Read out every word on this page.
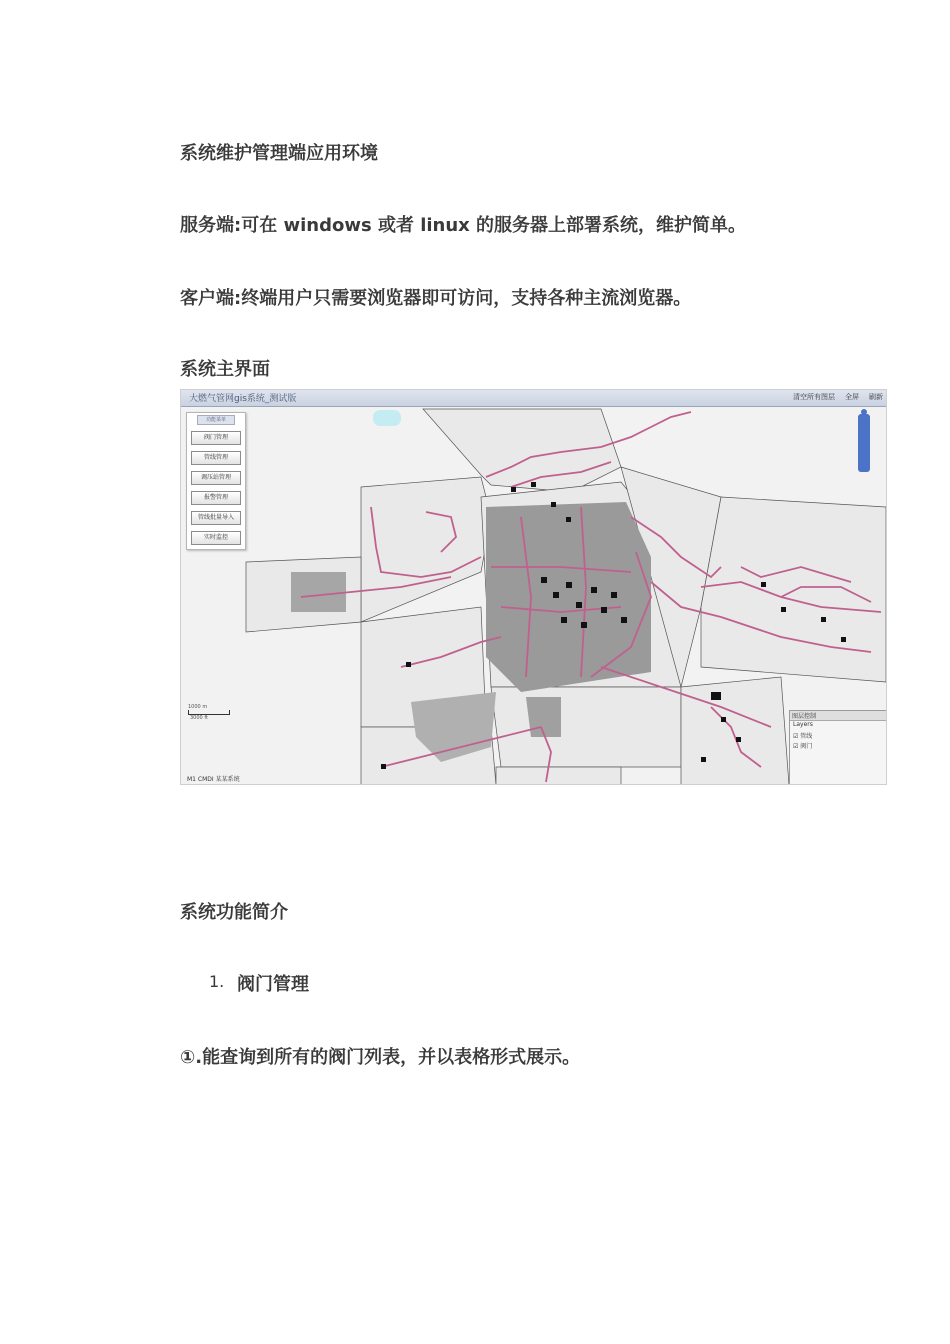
系统维护管理端应用环境
服务端:可在 windows 或者 linux 的服务器上部署系统，维护简单。
客户端:终端用户只需要浏览器即可访问，支持各种主流浏览器。
系统主界面
大燃气管网gis系统_测试版	清空所有图层 全屏 刷新
功能菜单
阀门管理
管线管理
调压站管理
报警管理
管线批量导入
实时监控
1000 m
3000 ft	图层控制
Layers
☑ 管线
☑ 阀门
M1 CMDI 某某系统
系统功能简介
1. 阀门管理
①.能查询到所有的阀门列表，并以表格形式展示。
